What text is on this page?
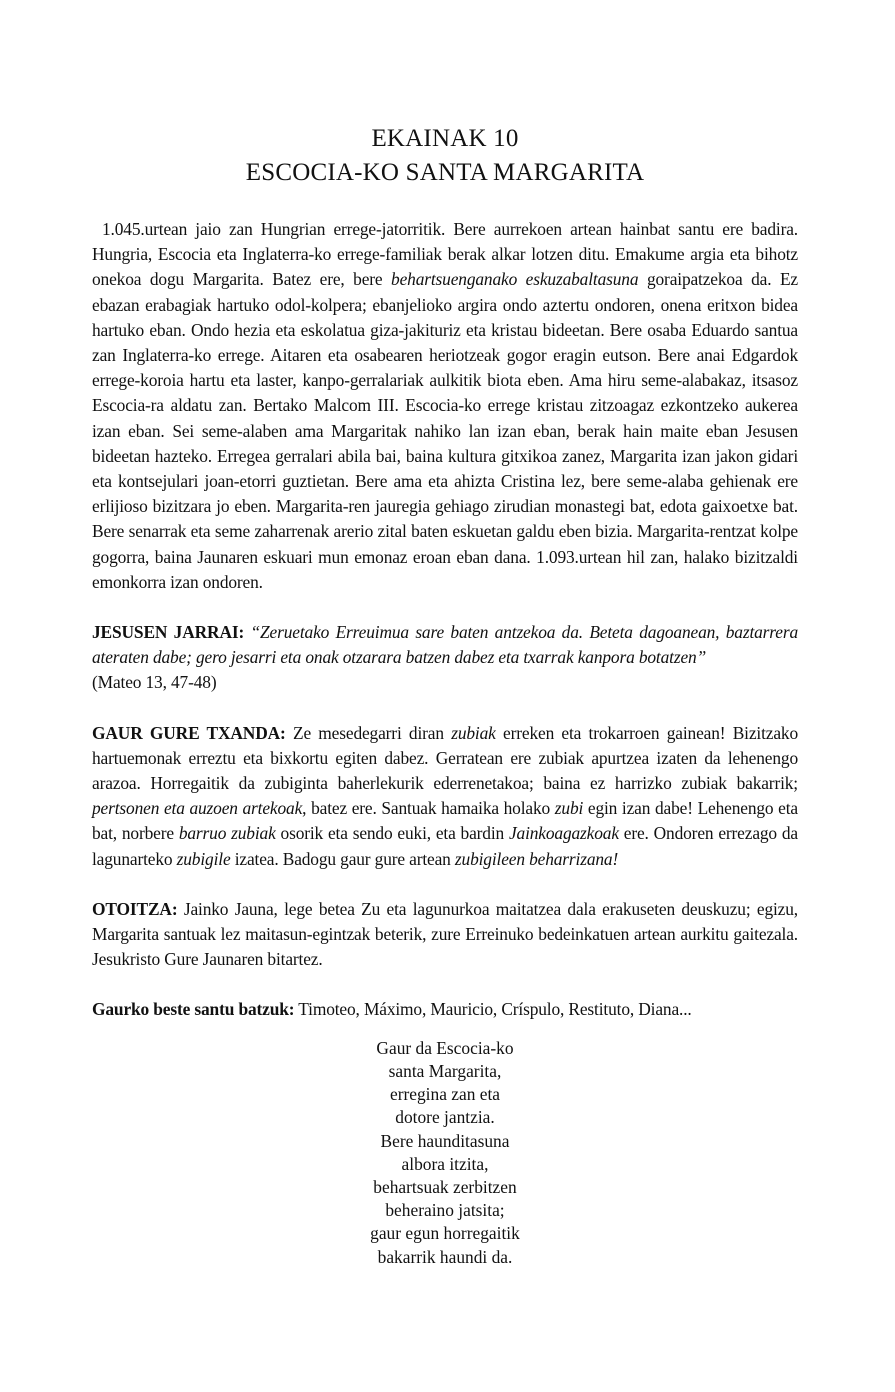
EKAINAK 10
ESCOCIA-KO SANTA MARGARITA

1.045.urtean jaio zan Hungrian errege-jatorritik. Bere aurrekoen artean hainbat santu ere badira. Hungria, Escocia eta Inglaterra-ko errege-familiak berak alkar lotzen ditu. Emakume argia eta bihotz onekoa dogu Margarita. Batez ere, bere behartsuenganako eskuzabaltasuna goraipatzekoa da. Ez ebazan erabagiak hartuko odol-kolpera; ebanjelioko argira ondo aztertu ondoren, onena eritxon bidea hartuko eban. Ondo hezia eta eskolatua giza-jakituriz eta kristau bideetan. Bere osaba Eduardo santua zan Inglaterra-ko errege. Aitaren eta osabearen heriotzeak gogor eragin eutson. Bere anai Edgardok errege-koroia hartu eta laster, kanpo-gerralariak aulkitik biota eben. Ama hiru seme-alabakaz, itsasoz Escocia-ra aldatu zan. Bertako Malcom III. Escocia-ko errege kristau zitzoagaz ezkontzeko aukerea izan eban. Sei seme-alaben ama Margaritak nahiko lan izan eban, berak hain maite eban Jesusen bideetan hazteko. Erregea gerralari abila bai, baina kultura gitxikoa zanez, Margarita izan jakon gidari eta kontsejulari joan-etorri guztietan. Bere ama eta ahizta Cristina lez, bere seme-alaba gehienak ere erlijioso bizitzara jo eben. Margarita-ren jauregia gehiago zirudian monastegi bat, edota gaixoetxe bat. Bere senarrak eta seme zaharrenak arerio zital baten eskuetan galdu eben bizia. Margarita-rentzat kolpe gogorra, baina Jaunaren eskuari mun emonaz eroan eban dana. 1.093.urtean hil zan, halako bizitzaldi emonkorra izan ondoren.

JESUSEN JARRAI: “Zeruetako Erreuimua sare baten antzekoa da. Beteta dagoanean, baztarrera ateraten dabe; gero jesarri eta onak otzarara batzen dabez eta txarrak kanpora botatzen”
(Mateo 13, 47-48)

GAUR GURE TXANDA: Ze mesedegarri diran zubiak erreken eta trokarroen gainean! Bizitzako hartuemonak erreztu eta bixkortu egiten dabez. Gerratean ere zubiak apurtzea izaten da lehenengo arazoa. Horregaitik da zubiginta baherlekurik ederrenetakoa; baina ez harrizko zubiak bakarrik; pertsonen eta auzoen artekoak, batez ere. Santuak hamaika holako zubi egin izan dabe! Lehenengo eta bat, norbere barruo zubiak osorik eta sendo euki, eta bardin Jainkoagazkoak ere. Ondoren errezago da lagunarteko zubigile izatea. Badogu gaur gure artean zubigileen beharrizana!

OTOITZA: Jainko Jauna, lege betea Zu eta lagunurkoa maitatzea dala erakuseten deuskuzu; egizu, Margarita santuak lez maitasun-egintzak beterik, zure Erreinuko bedeinkatuen artean aurkitu gaitezala. Jesukristo Gure Jaunaren bitartez.

Gaurko beste santu batzuk: Timoteo, Máximo, Mauricio, Críspulo, Restituto, Diana...

Gaur da Escocia-ko
santa Margarita,
erregina zan eta
dotore jantzia.
Bere haunditasuna
albora itzita,
behartsuak zerbitzen
beheraino jatsita;
gaur egun horregaitik
bakarrik haundi da.
